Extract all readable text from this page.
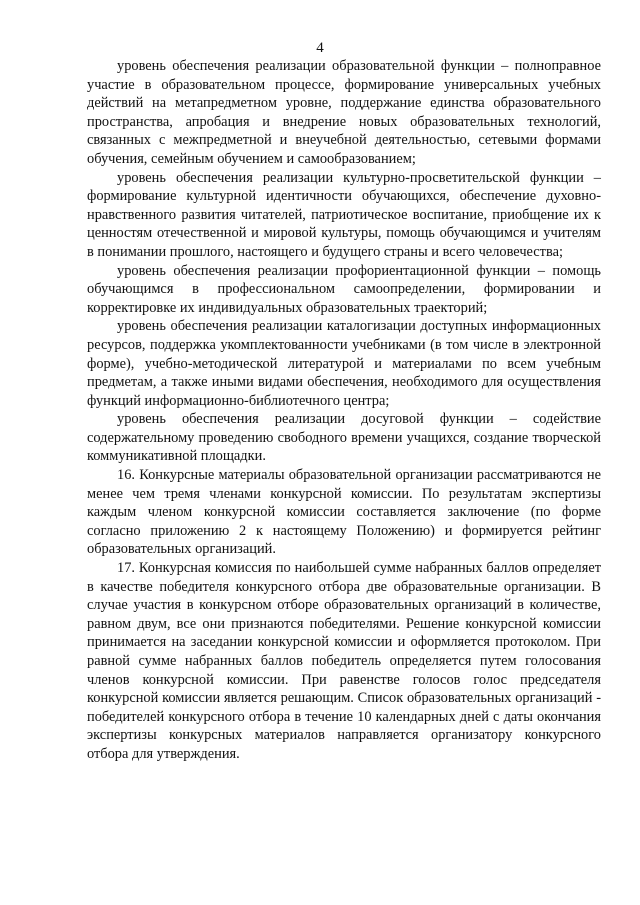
4

уровень обеспечения реализации образовательной функции – полноправное участие в образовательном процессе, формирование универсальных учебных действий на метапредметном уровне, поддержание единства образовательного пространства, апробация и внедрение новых образовательных технологий, связанных с межпредметной и внеучебной деятельностью, сетевыми формами обучения, семейным обучением и самообразованием;

уровень обеспечения реализации культурно-просветительской функции – формирование культурной идентичности обучающихся, обеспечение духовно-нравственного развития читателей, патриотическое воспитание, приобщение их к ценностям отечественной и мировой культуры, помощь обучающимся и учителям в понимании прошлого, настоящего и будущего страны и всего человечества;

уровень обеспечения реализации профориентационной функции – помощь обучающимся в профессиональном самоопределении, формировании и корректировке их индивидуальных образовательных траекторий;

уровень обеспечения реализации каталогизации доступных информационных ресурсов, поддержка укомплектованности учебниками (в том числе в электронной форме), учебно-методической литературой и материалами по всем учебным предметам, а также иными видами обеспечения, необходимого для осуществления функций информационно-библиотечного центра;

уровень обеспечения реализации досуговой функции – содействие содержательному проведению свободного времени учащихся, создание творческой коммуникативной площадки.

16. Конкурсные материалы образовательной организации рассматриваются не менее чем тремя членами конкурсной комиссии. По результатам экспертизы каждым членом конкурсной комиссии составляется заключение (по форме согласно приложению 2 к настоящему Положению) и формируется рейтинг образовательных организаций.

17. Конкурсная комиссия по наибольшей сумме набранных баллов определяет в качестве победителя конкурсного отбора две образовательные организации. В случае участия в конкурсном отборе образовательных организаций в количестве, равном двум, все они признаются победителями. Решение конкурсной комиссии принимается на заседании конкурсной комиссии и оформляется протоколом. При равной сумме набранных баллов победитель определяется путем голосования членов конкурсной комиссии. При равенстве голосов голос председателя конкурсной комиссии является решающим. Список образовательных организаций - победителей конкурсного отбора в течение 10 календарных дней с даты окончания экспертизы конкурсных материалов направляется организатору конкурсного отбора для утверждения.
